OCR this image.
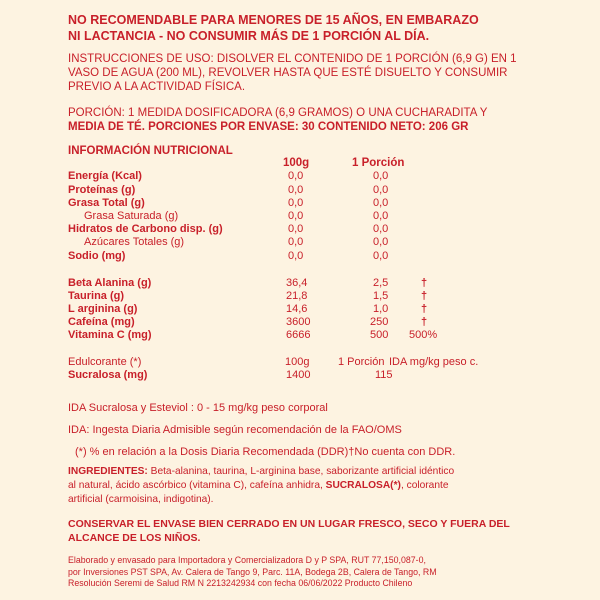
NO RECOMENDABLE PARA MENORES DE 15 AÑOS, EN EMBARAZO
NI LACTANCIA - NO CONSUMIR MÁS DE 1 PORCIÓN AL DÍA.
INSTRUCCIONES DE USO: DISOLVER EL CONTENIDO DE 1 PORCIÓN (6,9 G) EN 1
VASO DE AGUA (200 ML), REVOLVER HASTA QUE ESTÉ DISUELTO Y CONSUMIR
PREVIO A LA ACTIVIDAD FÍSICA.
PORCIÓN: 1 MEDIDA DOSIFICADORA (6,9 GRAMOS) O UNA CUCHARADITA Y
MEDIA DE TÉ. PORCIONES POR ENVASE: 30 CONTENIDO NETO: 206 GR
INFORMACIÓN NUTRICIONAL
100g	1 Porción
Energía (Kcal)	0,0	0,0
Proteínas (g)	0,0	0,0
Grasa Total (g)	0,0	0,0
Grasa Saturada (g)	0,0	0,0
Hidratos de Carbono disp. (g)	0,0	0,0
Azúcares Totales (g)	0,0	0,0
Sodio (mg)	0,0	0,0
Beta Alanina (g)	36,4	2,5	†
Taurina (g)	21,8	1,5	†
L arginina (g)	14,6	1,0	†
Cafeína (mg)	3600	250	†
Vitamina C (mg)	6666	500 500%
Edulcorante (*)	100g	1 Porción IDA mg/kg peso c.
Sucralosa (mg)	1400	115
IDA Sucralosa y Esteviol : 0 - 15 mg/kg peso corporal
IDA: Ingesta Diaria Admisible según recomendación de la FAO/OMS
(*) % en relación a la Dosis Diaria Recomendada (DDR)†No cuenta con DDR.
INGREDIENTES: Beta-alanina, taurina, L-arginina base, saborizante artificial idéntico
al natural, ácido ascórbico (vitamina C), cafeína anhidra, SUCRALOSA(*), colorante
artificial (carmoisina, indigotina).
CONSERVAR EL ENVASE BIEN CERRADO EN UN LUGAR FRESCO, SECO Y FUERA DEL
ALCANCE DE LOS NIÑOS.
Elaborado y envasado para Importadora y Comercializadora D y P SPA, RUT 77,150,087-0,
por Inversiones PST SPA, Av. Calera de Tango 9, Parc. 11A, Bodega 2B, Calera de Tango, RM
Resolución Seremi de Salud RM N 2213242934 con fecha 06/06/2022 Producto Chileno
